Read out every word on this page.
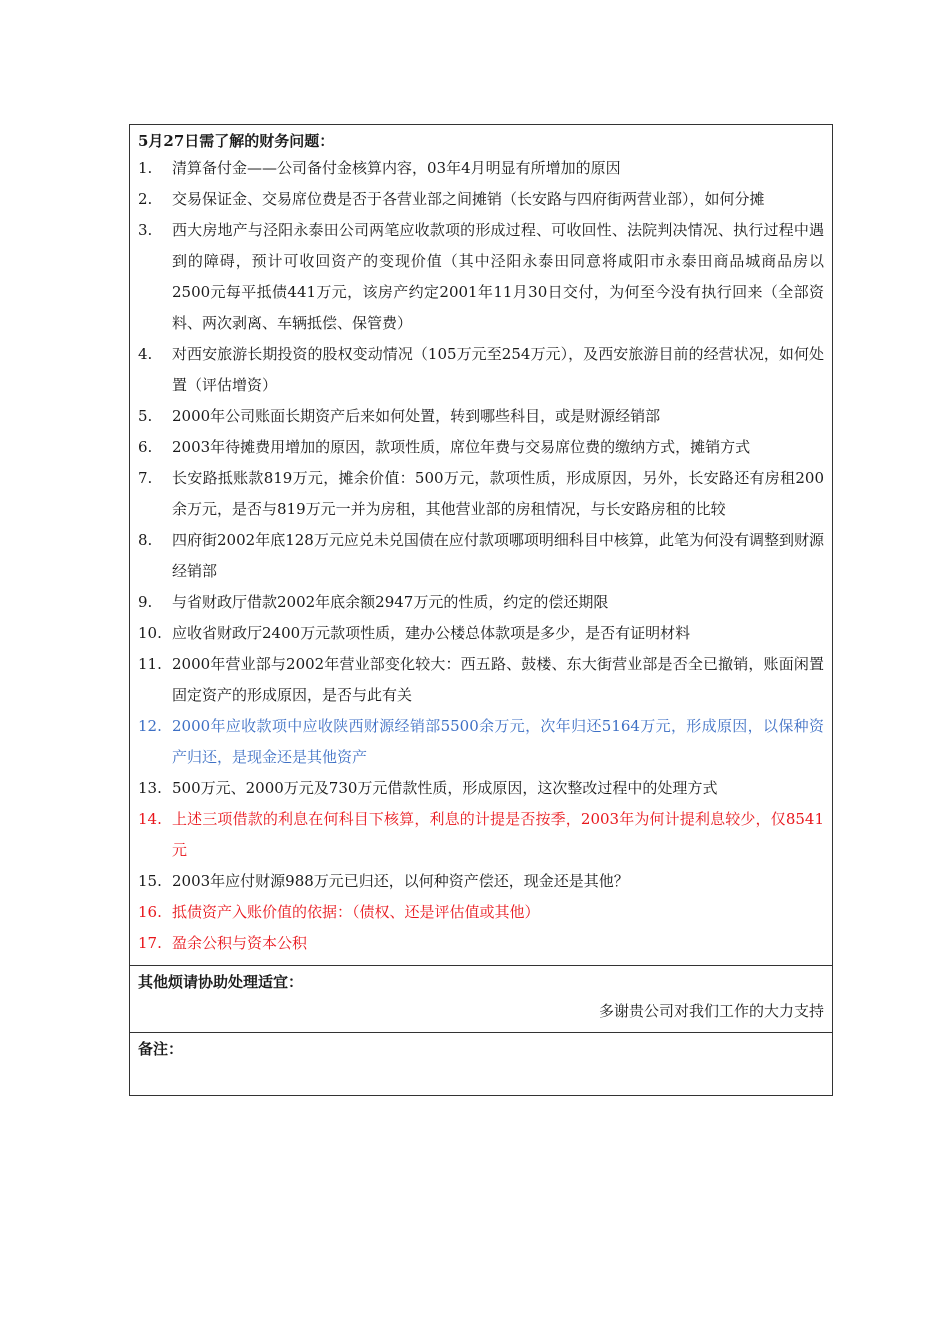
5月27日需了解的财务问题：
1.	清算备付金——公司备付金核算内容，03年4月明显有所增加的原因
2.	交易保证金、交易席位费是否于各营业部之间摊销（长安路与四府街两营业部），如何分摊
3.	西大房地产与泾阳永泰田公司两笔应收款项的形成过程、可收回性、法院判决情况、执行过程中遇到的障碍，预计可收回资产的变现价值（其中泾阳永泰田同意将咸阳市永泰田商品城商品房以2500元每平抵债441万元，该房产约定2001年11月30日交付，为何至今没有执行回来（全部资料、两次剥离、车辆抵偿、保管费）
4.	对西安旅游长期投资的股权变动情况（105万元至254万元），及西安旅游目前的经营状况，如何处置（评估增资）
5.	2000年公司账面长期资产后来如何处置，转到哪些科目，或是财源经销部
6.	2003年待摊费用增加的原因，款项性质，席位年费与交易席位费的缴纳方式，摊销方式
7.	长安路抵账款819万元，摊余价值：500万元，款项性质，形成原因，另外，长安路还有房租200余万元，是否与819万元一并为房租，其他营业部的房租情况，与长安路房租的比较
8.	四府街2002年底128万元应兑未兑国债在应付款项哪项明细科目中核算，此笔为何没有调整到财源经销部
9.	与省财政厅借款2002年底余额2947万元的性质，约定的偿还期限
10. 应收省财政厅2400万元款项性质，建办公楼总体款项是多少，是否有证明材料
11. 2000年营业部与2002年营业部变化较大：西五路、鼓楼、东大街营业部是否全已撤销，账面闲置固定资产的形成原因，是否与此有关
12. 2000年应收款项中应收陕西财源经销部5500余万元，次年归还5164万元，形成原因，以保种资产归还，是现金还是其他资产
13. 500万元、2000万元及730万元借款性质，形成原因，这次整改过程中的处理方式
14. 上述三项借款的利息在何科目下核算，利息的计提是否按季，2003年为何计提利息较少，仅8541元
15. 2003年应付财源988万元已归还，以何种资产偿还，现金还是其他？
16. 抵债资产入账价值的依据：（债权、还是评估值或其他）
17. 盈余公积与资本公积
其他烦请协助处理适宜：
多谢贵公司对我们工作的大力支持
备注：
